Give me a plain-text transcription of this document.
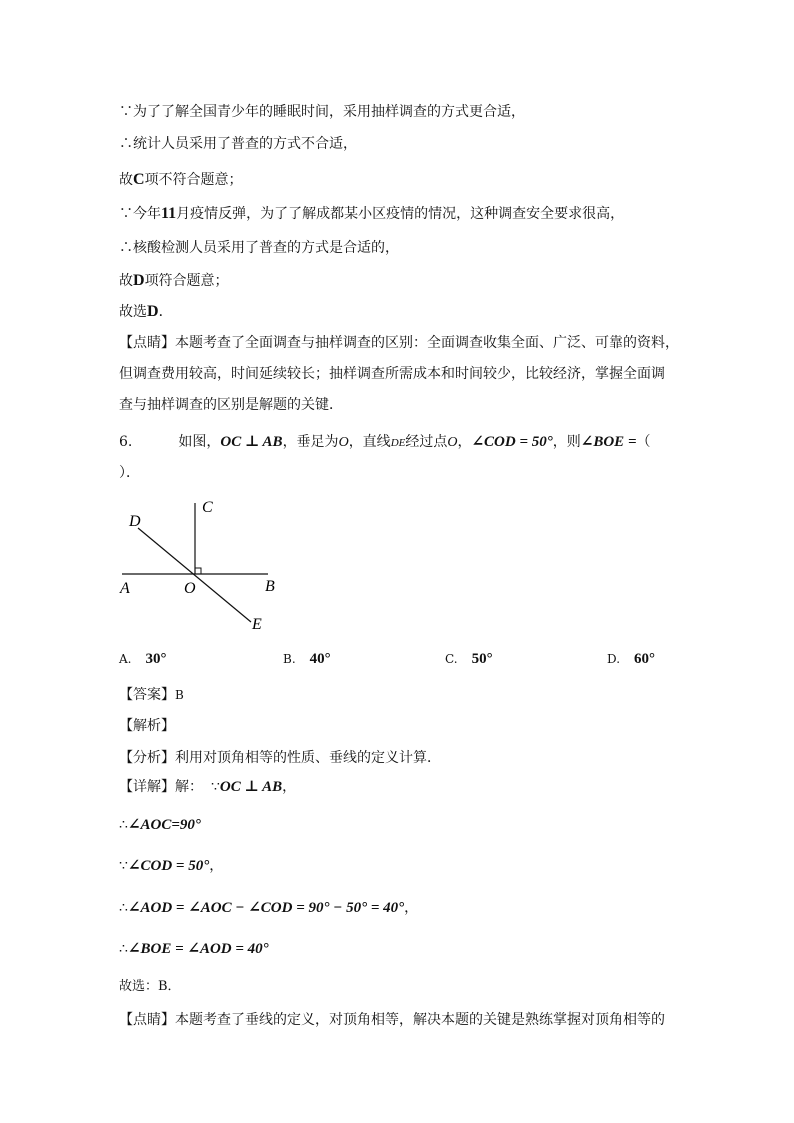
∵为了了解全国青少年的睡眠时间，采用抽样调查的方式更合适，
∴统计人员采用了普查的方式不合适，
故C项不符合题意；
∵今年11月疫情反弹，为了了解成都某小区疫情的情况，这种调查安全要求很高，
∴核酸检测人员采用了普查的方式是合适的，
故D项符合题意；
故选D．
【点睛】本题考查了全面调查与抽样调查的区别：全面调查收集全面、广泛、可靠的资料，
但调查费用较高，时间延续较长；抽样调查所需成本和时间较少，比较经济，掌握全面调
查与抽样调查的区别是解题的关键．
6.	如图，OC ⊥ AB，垂足为O，直线DE经过点O，∠COD = 50°，则∠BOE =（
）．
C
D
A	O	B
E
A. 30°	B. 40°	C. 50°	D. 60°
【答案】B
【解析】
【分析】利用对顶角相等的性质、垂线的定义计算．
【详解】解： ∵OC ⊥ AB，
∴∠AOC=90°
∵∠COD = 50°，
∴∠AOD = ∠AOC − ∠COD = 90° − 50° = 40°，
∴∠BOE = ∠AOD = 40°
故选：B．
【点睛】本题考查了垂线的定义，对顶角相等，解决本题的关键是熟练掌握对顶角相等的
